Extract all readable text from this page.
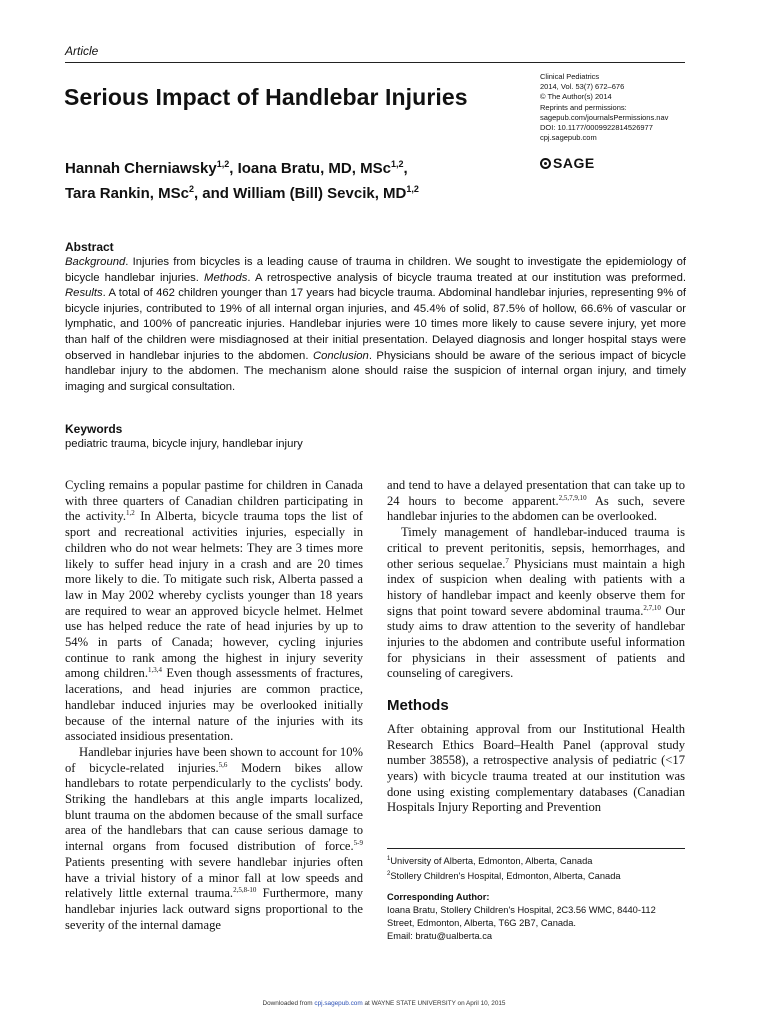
Article
Serious Impact of Handlebar Injuries
Clinical Pediatrics
2014, Vol. 53(7) 672–676
© The Author(s) 2014
Reprints and permissions:
sagepub.com/journalsPermissions.nav
DOI: 10.1177/0009922814526977
cpj.sagepub.com
SAGE
Hannah Cherniawsky$^{1,2}$, Ioana Bratu, MD, MSc$^{1,2}$,
Tara Rankin, MSc$^2$, and William (Bill) Sevcik, MD$^{1,2}$
Abstract

Background. Injuries from bicycles is a leading cause of trauma in children. We sought to investigate the epidemiology of bicycle handlebar injuries. Methods. A retrospective analysis of bicycle trauma treated at our institution was preformed. Results. A total of 462 children younger than 17 years had bicycle trauma. Abdominal handlebar injuries, representing 9% of bicycle injuries, contributed to 19% of all internal organ injuries, and 45.4% of solid, 87.5% of hollow, 66.6% of vascular or lymphatic, and 100% of pancreatic injuries. Handlebar injuries were 10 times more likely to cause severe injury, yet more than half of the children were misdiagnosed at their initial presentation. Delayed diagnosis and longer hospital stays were observed in handlebar injuries to the abdomen. Conclusion. Physicians should be aware of the serious impact of bicycle handlebar injury to the abdomen. The mechanism alone should raise the suspicion of internal organ injury, and timely imaging and surgical consultation.

Keywords

pediatric trauma, bicycle injury, handlebar injury

Cycling remains a popular pastime for children in Canada with three quarters of Canadian children participating in the activity.$^{1,2}$ In Alberta, bicycle trauma tops the list of sport and recreational activities injuries, especially in children who do not wear helmets: They are 3 times more likely to suffer head injury in a crash and are 20 times more likely to die. To mitigate such risk, Alberta passed a law in May 2002 whereby cyclists younger than 18 years are required to wear an approved bicycle helmet. Helmet use has helped reduce the rate of head injuries by up to 54% in parts of Canada; however, cycling injuries continue to rank among the highest in injury severity among children.$^{1,3,4}$ Even though assessments of fractures, lacerations, and head injuries are common practice, handlebar induced injuries may be overlooked initially because of the internal nature of the injuries with its associated insidious presentation.

Handlebar injuries have been shown to account for 10% of bicycle-related injuries.$^{5,6}$ Modern bikes allow handlebars to rotate perpendicularly to the cyclists' body. Striking the handlebars at this angle imparts localized, blunt trauma on the abdomen because of the small surface area of the handlebars that can cause serious damage to internal organs from focused distribution of force.$^{5-9}$ Patients presenting with severe handlebar injuries often have a trivial history of a minor fall at low speeds and relatively little external trauma.$^{2,5,8-10}$ Furthermore, many handlebar injuries lack outward signs proportional to the severity of the internal damage

and tend to have a delayed presentation that can take up to 24 hours to become apparent.$^{2,5,7,9,10}$ As such, severe handlebar injuries to the abdomen can be overlooked.

Timely management of handlebar-induced trauma is critical to prevent peritonitis, sepsis, hemorrhages, and other serious sequelae.$^7$ Physicians must maintain a high index of suspicion when dealing with patients with a history of handlebar impact and keenly observe them for signs that point toward severe abdominal trauma.$^{2,7,10}$ Our study aims to draw attention to the severity of handlebar injuries to the abdomen and contribute useful information for physicians in their assessment of patients and counseling of caregivers.

Methods

After obtaining approval from our Institutional Health Research Ethics Board–Health Panel (approval study number 38558), a retrospective analysis of pediatric (<17 years) with bicycle trauma treated at our institution was done using existing complementary databases (Canadian Hospitals Injury Reporting and Prevention

$^1$University of Alberta, Edmonton, Alberta, Canada

$^2$Stollery Children's Hospital, Edmonton, Alberta, Canada

Corresponding Author:

Ioana Bratu, Stollery Children's Hospital, 2C3.56 WMC, 8440-112

Street, Edmonton, Alberta, T6G 2B7, Canada.

Email: bratu@ualberta.ca

Downloaded from cpj.sagepub.com at WAYNE STATE UNIVERSITY on April 10, 2015
